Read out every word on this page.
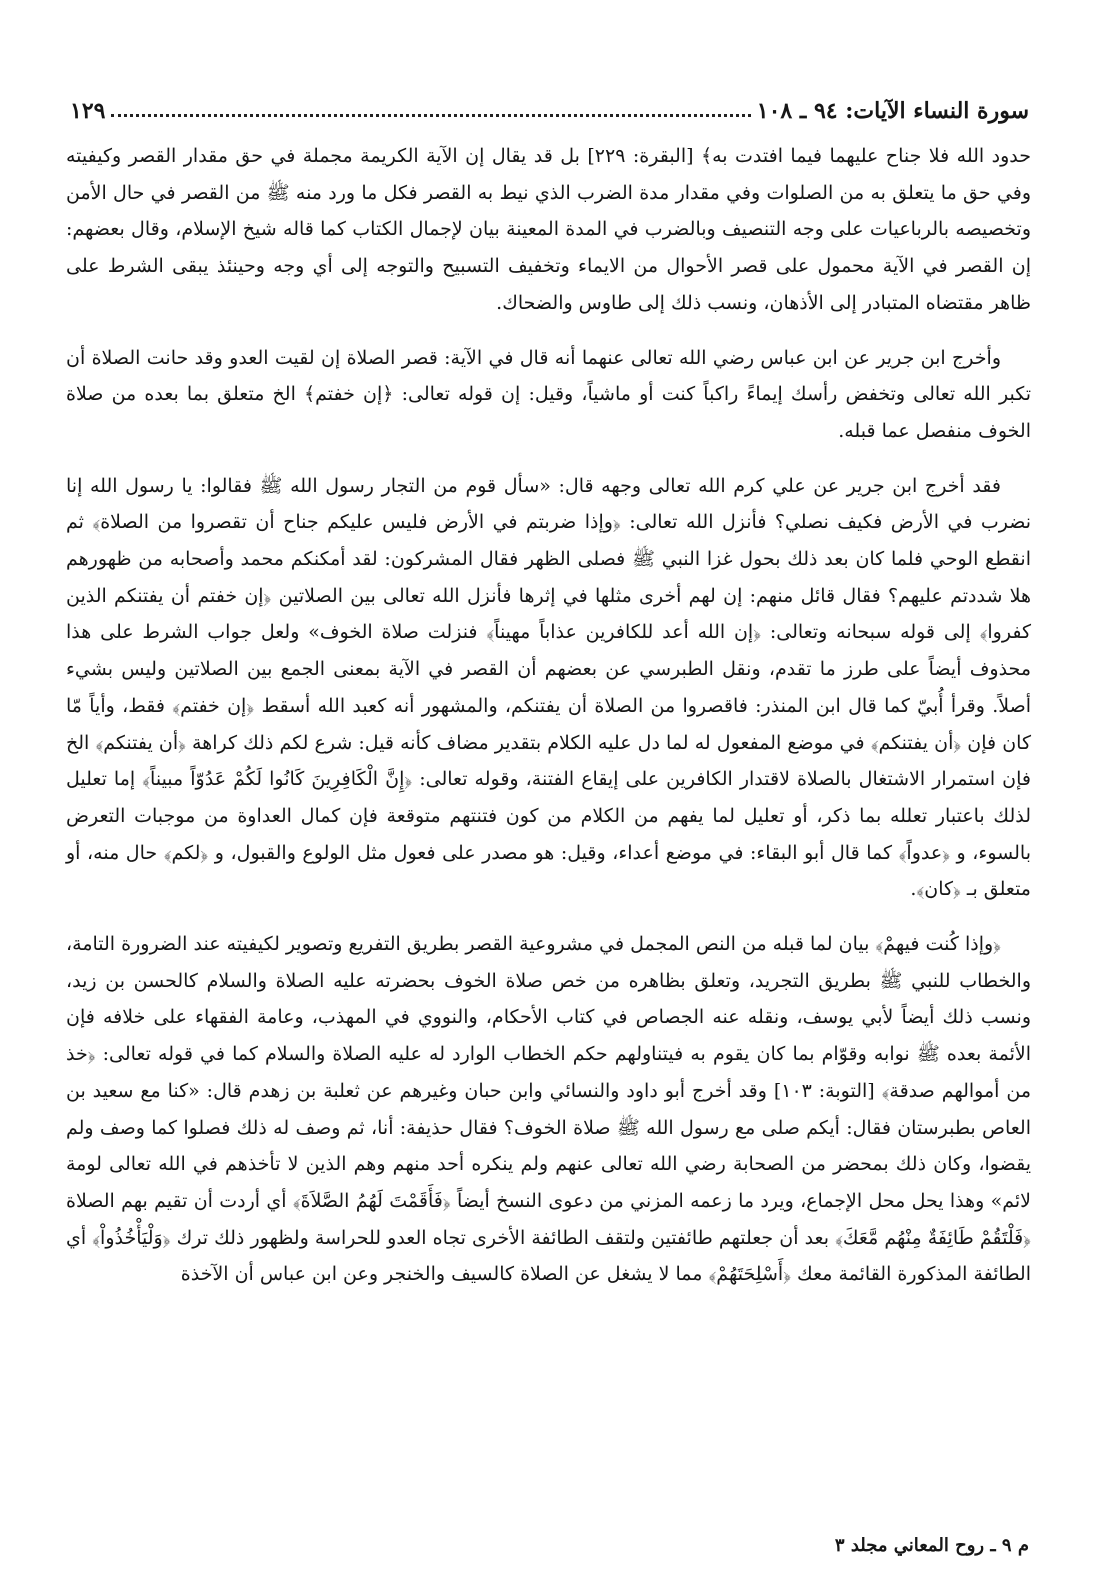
سورة النساء الآيات: ٩٤ ـ ١٠٨
١٢٩

حدود الله فلا جناح عليهما فيما افتدت به﴾ [البقرة: ٢٢٩] بل قد يقال إن الآية الكريمة مجملة في حق مقدار القصر وكيفيته وفي حق ما يتعلق به من الصلوات وفي مقدار مدة الضرب الذي نيط به القصر فكل ما ورد منه ﷺ من القصر في حال الأمن وتخصيصه بالرباعيات على وجه التنصيف وبالضرب في المدة المعينة بيان لإجمال الكتاب كما قاله شيخ الإسلام، وقال بعضهم: إن القصر في الآية محمول على قصر الأحوال من الايماء وتخفيف التسبيح والتوجه إلى أي وجه وحينئذ يبقى الشرط على ظاهر مقتضاه المتبادر إلى الأذهان، ونسب ذلك إلى طاوس والضحاك.

وأخرج ابن جرير عن ابن عباس رضي الله تعالى عنهما أنه قال في الآية: قصر الصلاة إن لقيت العدو وقد حانت الصلاة أن تكبر الله تعالى وتخفض رأسك إيماءً راكباً كنت أو ماشياً، وقيل: إن قوله تعالى: ﴿إن خفتم﴾ الخ متعلق بما بعده من صلاة الخوف منفصل عما قبله.

فقد أخرج ابن جرير عن علي كرم الله تعالى وجهه قال: «سأل قوم من التجار رسول الله ﷺ فقالوا: يا رسول الله إنا نضرب في الأرض فكيف نصلي؟ فأنزل الله تعالى: ﴿وإذا ضربتم في الأرض فليس عليكم جناح أن تقصروا من الصلاة﴾ ثم انقطع الوحي فلما كان بعد ذلك بحول غزا النبي ﷺ فصلى الظهر فقال المشركون: لقد أمكنكم محمد وأصحابه من ظهورهم هلا شددتم عليهم؟ فقال قائل منهم: إن لهم أخرى مثلها في إثرها فأنزل الله تعالى بين الصلاتين ﴿إن خفتم أن يفتنكم الذين كفروا﴾ إلى قوله سبحانه وتعالى: ﴿إن الله أعد للكافرين عذاباً مهيناً﴾ فنزلت صلاة الخوف» ولعل جواب الشرط على هذا محذوف أيضاً على طرز ما تقدم، ونقل الطبرسي عن بعضهم أن القصر في الآية بمعنى الجمع بين الصلاتين وليس بشيء أصلاً. وقرأ أُبيّ كما قال ابن المنذر: فاقصروا من الصلاة أن يفتنكم، والمشهور أنه كعبد الله أسقط ﴿إن خفتم﴾ فقط، وأياً مّا كان فإن ﴿أن يفتنكم﴾ في موضع المفعول له لما دل عليه الكلام بتقدير مضاف كأنه قيل: شرع لكم ذلك كراهة ﴿أن يفتنكم﴾ الخ فإن استمرار الاشتغال بالصلاة لاقتدار الكافرين على إيقاع الفتنة، وقوله تعالى: ﴿إِنَّ الْكَافِرِينَ كَانُوا لَكُمْ عَدُوّاً مبيناً﴾ إما تعليل لذلك باعتبار تعلله بما ذكر، أو تعليل لما يفهم من الكلام من كون فتنتهم متوقعة فإن كمال العداوة من موجبات التعرض بالسوء، و ﴿عدواً﴾ كما قال أبو البقاء: في موضع أعداء، وقيل: هو مصدر على فعول مثل الولوع والقبول، و ﴿لكم﴾ حال منه، أو متعلق بـ ﴿كان﴾.

﴿وإذا كُنت فيهمْ﴾ بيان لما قبله من النص المجمل في مشروعية القصر بطريق التفريع وتصوير لكيفيته عند الضرورة التامة، والخطاب للنبي ﷺ بطريق التجريد، وتعلق بظاهره من خص صلاة الخوف بحضرته عليه الصلاة والسلام كالحسن بن زيد، ونسب ذلك أيضاً لأبي يوسف، ونقله عنه الجصاص في كتاب الأحكام، والنووي في المهذب، وعامة الفقهاء على خلافه فإن الأئمة بعده ﷺ نوابه وقوّام بما كان يقوم به فيتناولهم حكم الخطاب الوارد له عليه الصلاة والسلام كما في قوله تعالى: ﴿خذ من أموالهم صدقة﴾ [التوبة: ١٠٣] وقد أخرج أبو داود والنسائي وابن حبان وغيرهم عن ثعلبة بن زهدم قال: «كنا مع سعيد بن العاص بطبرستان فقال: أيكم صلى مع رسول الله ﷺ صلاة الخوف؟ فقال حذيفة: أنا، ثم وصف له ذلك فصلوا كما وصف ولم يقضوا، وكان ذلك بمحضر من الصحابة رضي الله تعالى عنهم ولم ينكره أحد منهم وهم الذين لا تأخذهم في الله تعالى لومة لائم» وهذا يحل محل الإجماع، ويرد ما زعمه المزني من دعوى النسخ أيضاً ﴿فَأَقَمْتَ لَهُمُ الصَّلاَةَ﴾ أي أردت أن تقيم بهم الصلاة ﴿فَلْتَقُمْ طَائِفَةٌ مِنْهُم مَّعَكَ﴾ بعد أن جعلتهم طائفتين ولتقف الطائفة الأخرى تجاه العدو للحراسة ولظهور ذلك ترك ﴿وَلْيَأْخُذُواْ﴾ أي الطائفة المذكورة القائمة معك ﴿أَسْلِحَتَهُمْ﴾ مما لا يشغل عن الصلاة كالسيف والخنجر وعن ابن عباس أن الآخذة

م ٩ ـ روح المعاني مجلد ٣
